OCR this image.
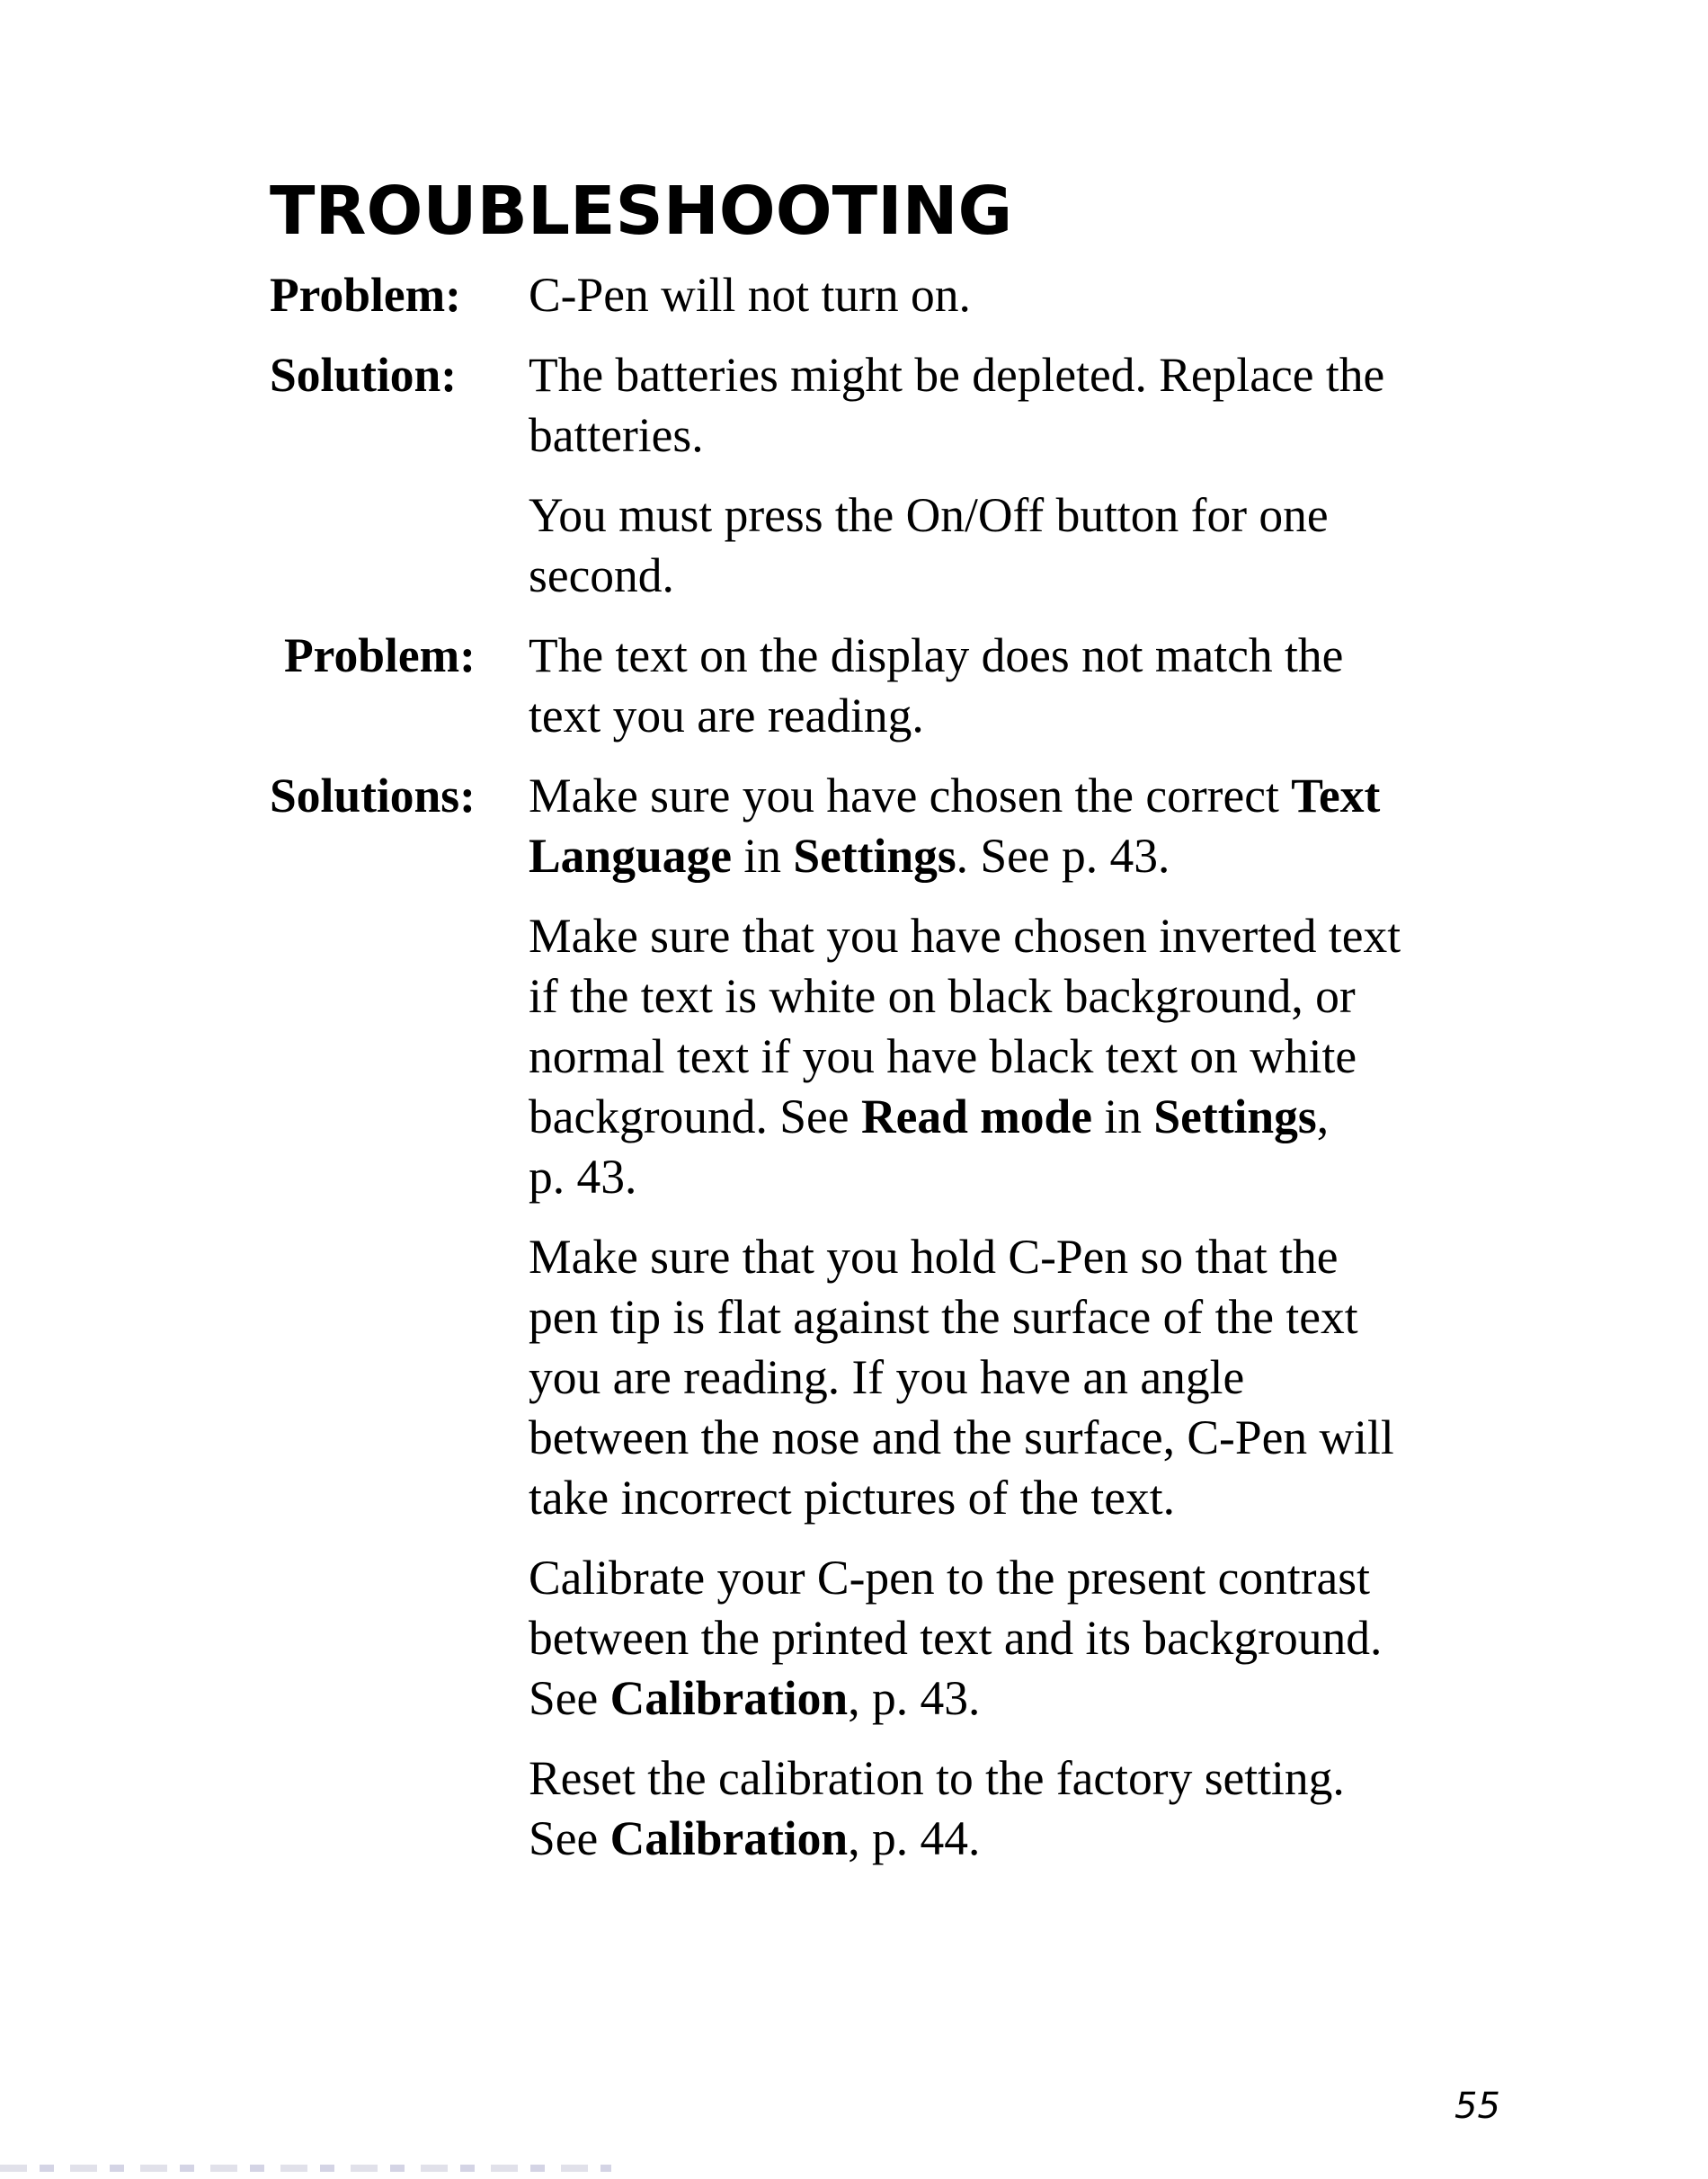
TROUBLESHOOTING
Problem:	C-Pen will not turn on.

Solution:	The batteries might be depleted. Replace the
batteries.

You must press the On/Off button for one
second.

Problem:	The text on the display does not match the
text you are reading.

Solutions:	Make sure you have chosen the correct Text
Language in Settings. See p. 43.

Make sure that you have chosen inverted text
if the text is white on black background, or
normal text if you have black text on white
background. See Read mode in Settings,
p. 43.

Make sure that you hold C-Pen so that the
pen tip is flat against the surface of the text
you are reading. If you have an angle
between the nose and the surface, C-Pen will
take incorrect pictures of the text.

Calibrate your C-pen to the present contrast
between the printed text and its background.
See Calibration, p. 43.

Reset the calibration to the factory setting.
See Calibration, p. 44.

55
